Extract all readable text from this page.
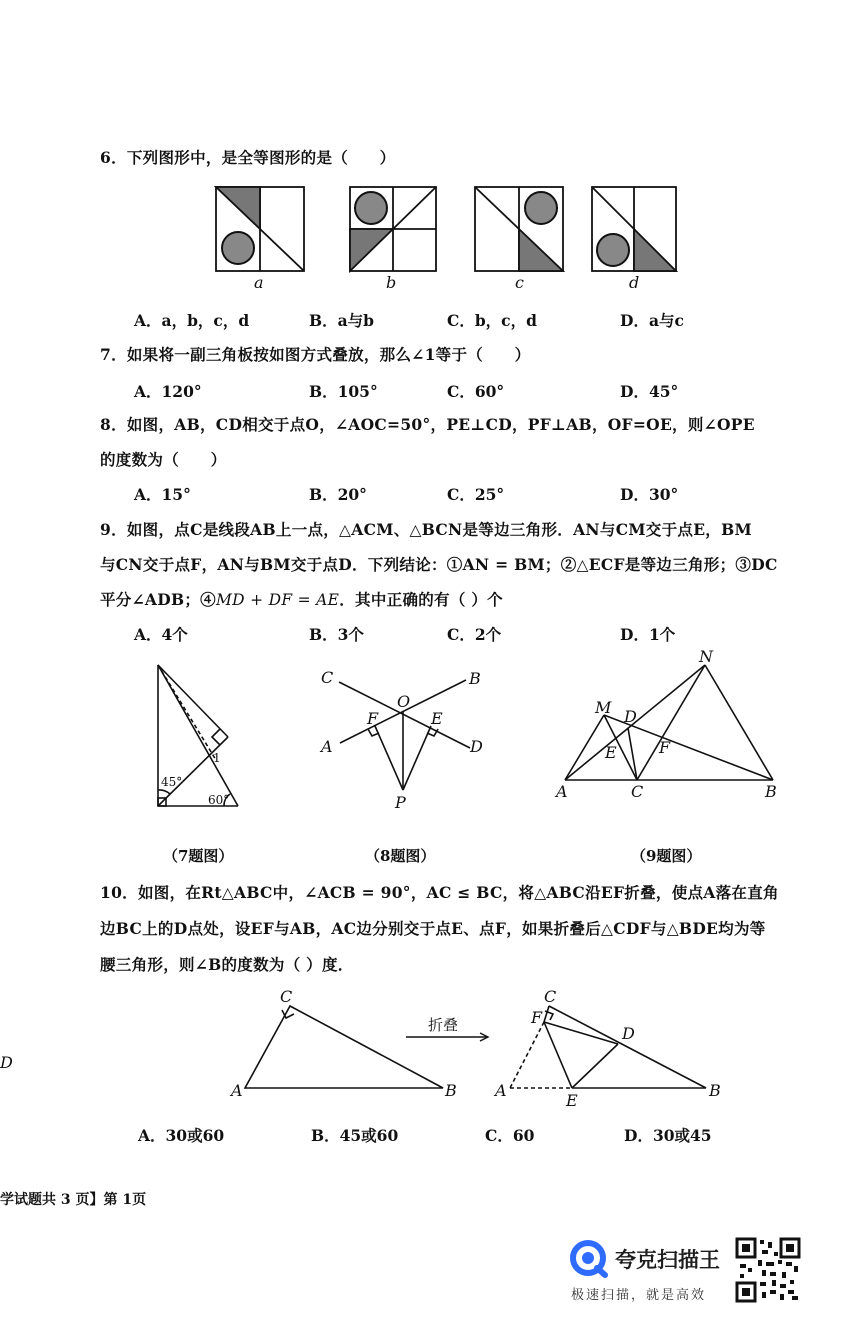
6．下列图形中，是全等图形的是（　　）
a	b	c	d
A．a，b，c，d	B．a与b	C．b，c，d	D．a与c
7．如果将一副三角板按如图方式叠放，那么∠1等于（　　）
A．120°	B．105°	C．60°	D．45°
8．如图，AB，CD相交于点O，∠AOC=50°，PE⊥CD，PF⊥AB，OF=OE，则∠OPE
的度数为（　　）
A．15°	B．20°	C．25°	D．30°
9．如图，点C是线段AB上一点，△ACM、△BCN是等边三角形．AN与CM交于点E，BM
与CN交于点F，AN与BM交于点D．下列结论：①AN = BM；②△ECF是等边三角形；③DC
平分∠ADB；④MD + DF = AE．其中正确的有（ ）个
A．4个	B．3个	C．2个	D．1个
45°
60°
1
C	B
O
F	E
A	D
P
N
M D
E	F
A	C	B
（7题图）	（8题图）	（9题图）
10．如图，在Rt△ABC中，∠ACB = 90°，AC ≤ BC，将△ABC沿EF折叠，使点A落在直角
边BC上的D点处，设EF与AB，AC边分别交于点E、点F，如果折叠后△CDF与△BDE均为等
腰三角形，则∠B的度数为（ ）度．
D
C
A	B
C
F
D
A
E
B
折叠
A．30或60	B．45或60	C．60	D．30或45
学试题共 3 页】第 1页
夸克扫描王
极速扫描，就是高效
